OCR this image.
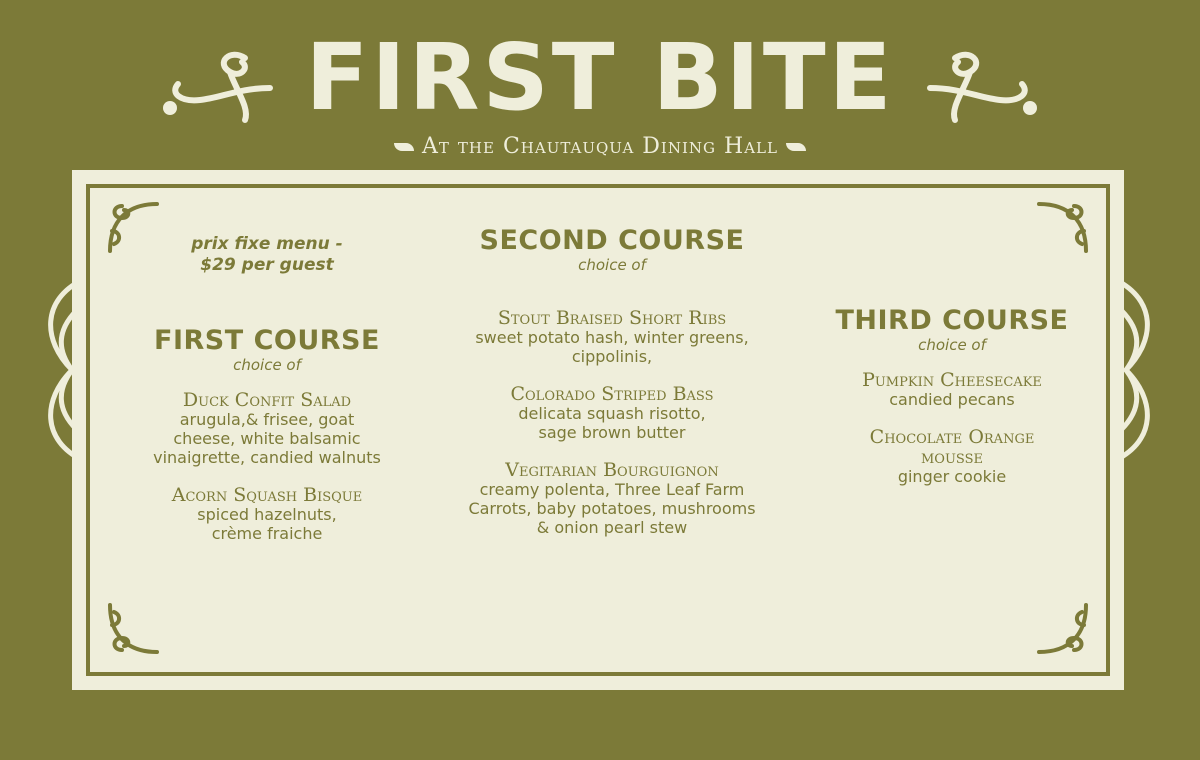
FIRST BITE
At the Chautauqua Dining Hall
prix fixe menu - $29 per guest
FIRST COURSE
choice of
Duck Confit Salad
arugula,& frisee, goat cheese, white balsamic vinaigrette, candied walnuts
Acorn Squash Bisque
spiced hazelnuts, crème fraiche
SECOND COURSE
choice of
Stout Braised Short Ribs
sweet potato hash, winter greens, cippolinis,
Colorado Striped Bass
delicata squash risotto, sage brown butter
Vegitarian Bourguignon
creamy polenta, Three Leaf Farm Carrots, baby potatoes, mushrooms & onion pearl stew
THIRD COURSE
choice of
Pumpkin Cheesecake
candied pecans
Chocolate Orange mousse
ginger cookie
